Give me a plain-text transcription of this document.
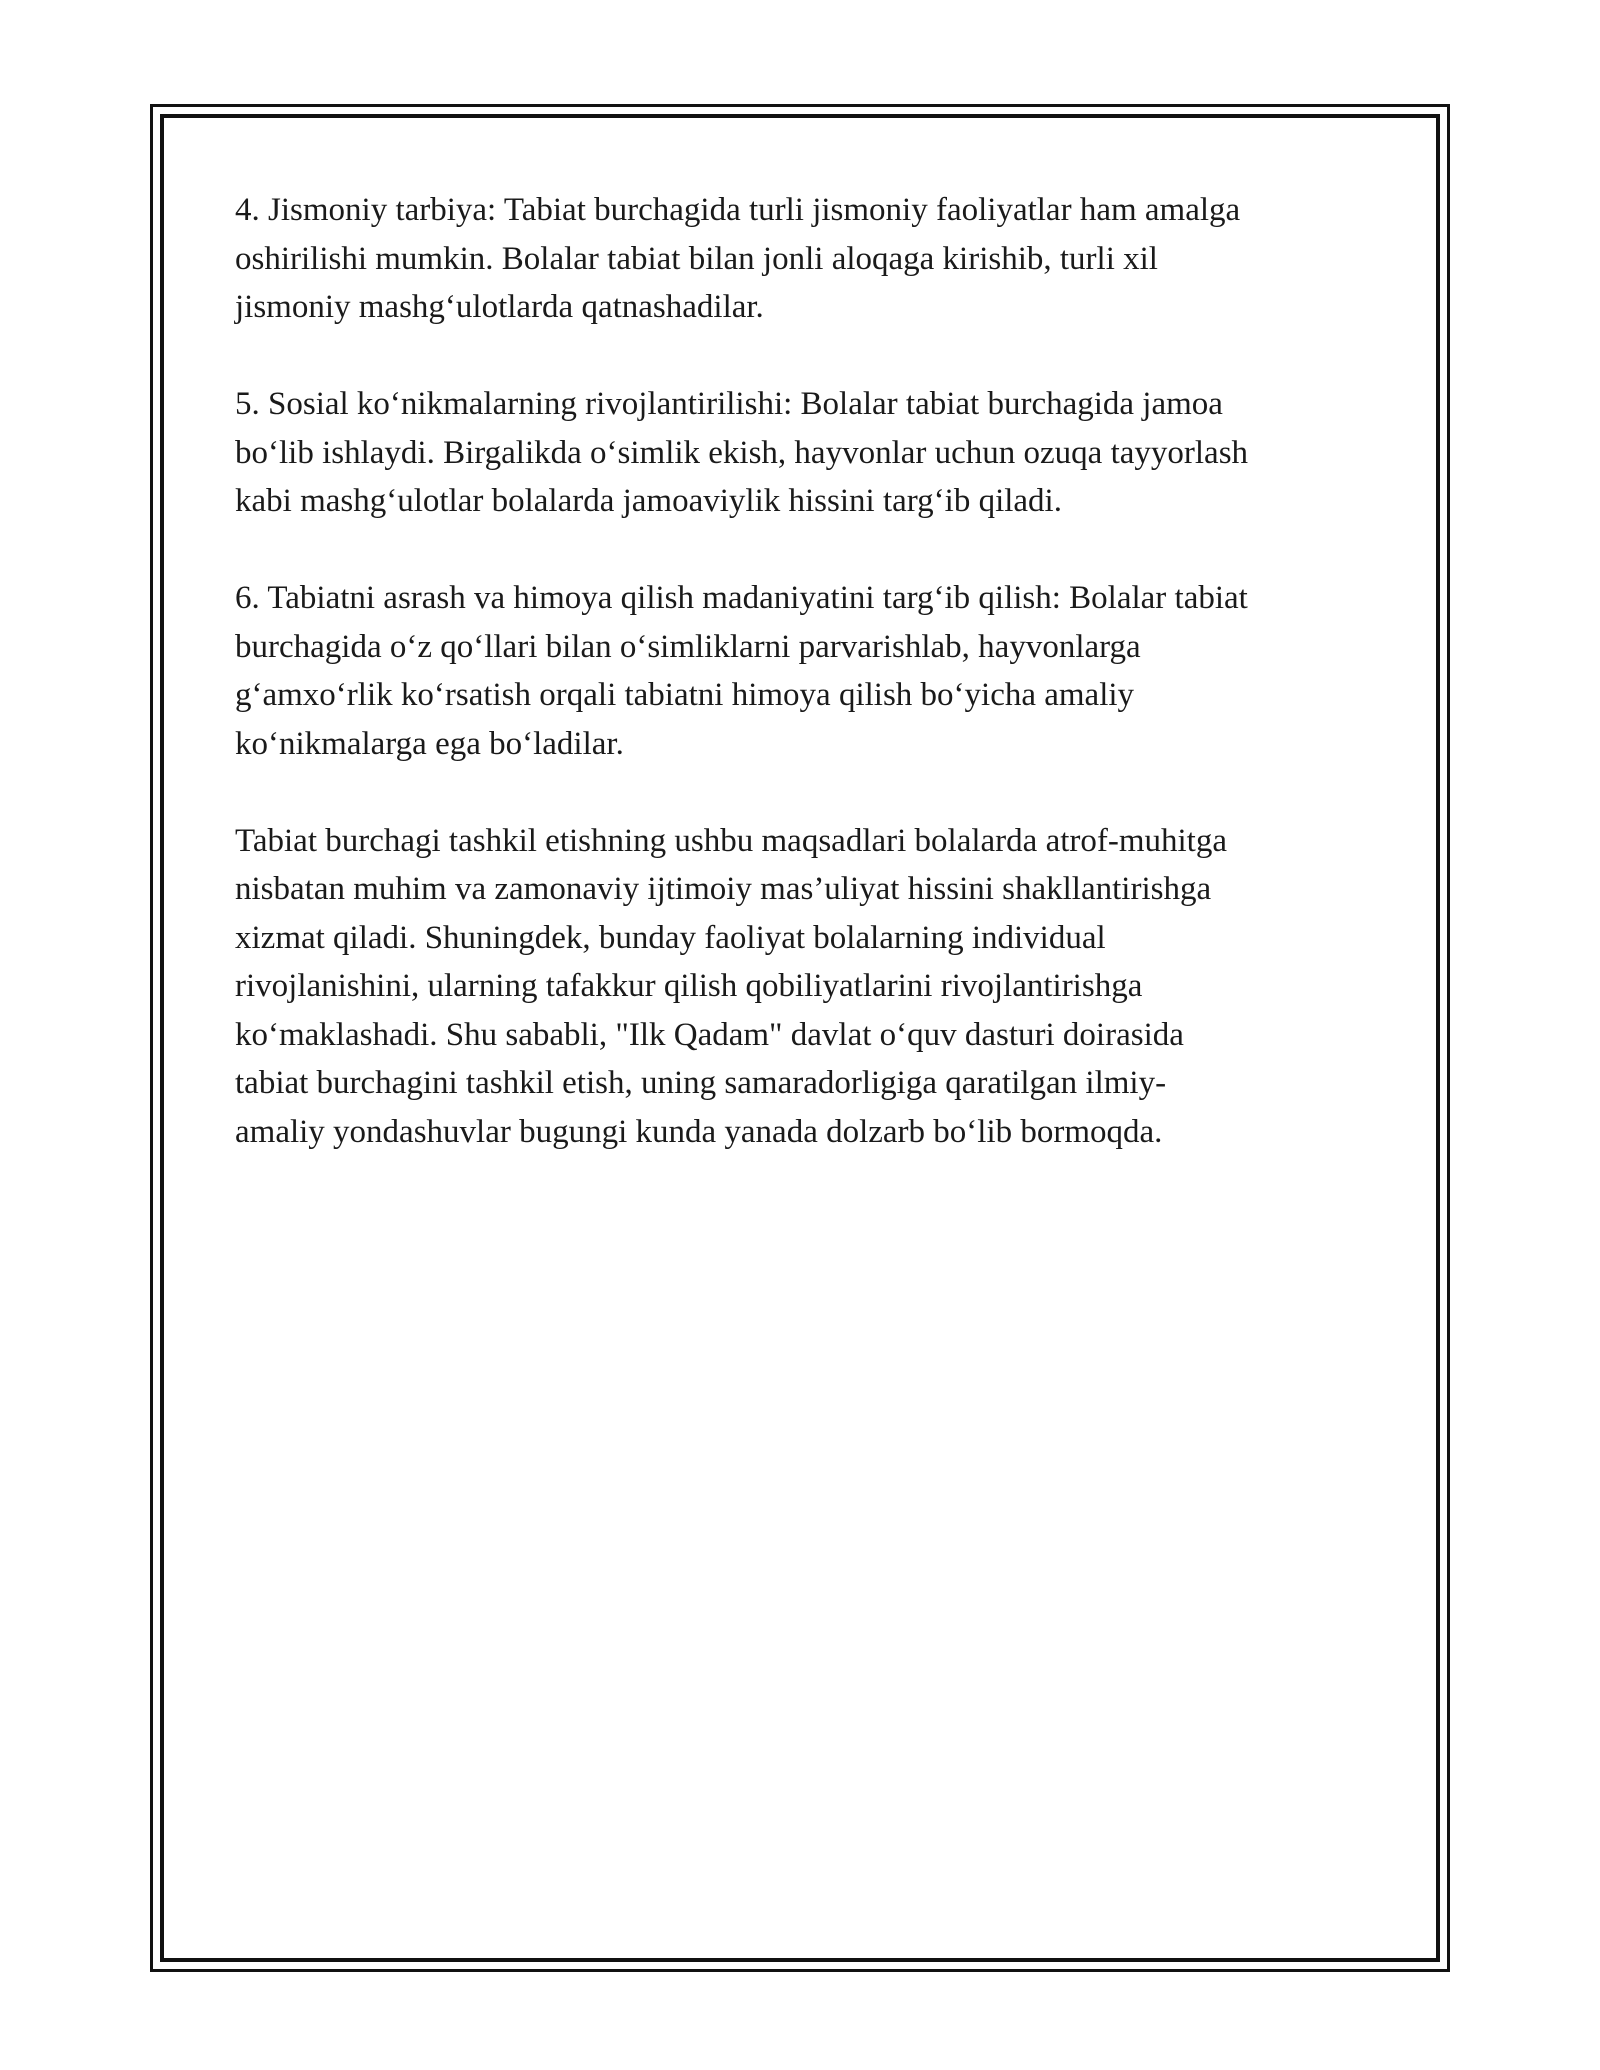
4. Jismoniy tarbiya: Tabiat burchagida turli jismoniy faoliyatlar ham amalga
oshirilishi mumkin. Bolalar tabiat bilan jonli aloqaga kirishib, turli xil
jismoniy mashg‘ulotlarda qatnashadilar.

5. Sosial ko‘nikmalarning rivojlantirilishi: Bolalar tabiat burchagida jamoa
bo‘lib ishlaydi. Birgalikda o‘simlik ekish, hayvonlar uchun ozuqa tayyorlash
kabi mashg‘ulotlar bolalarda jamoaviylik hissini targ‘ib qiladi.

6. Tabiatni asrash va himoya qilish madaniyatini targ‘ib qilish: Bolalar tabiat
burchagida o‘z qo‘llari bilan o‘simliklarni parvarishlab, hayvonlarga
g‘amxo‘rlik ko‘rsatish orqali tabiatni himoya qilish bo‘yicha amaliy
ko‘nikmalarga ega bo‘ladilar.

Tabiat burchagi tashkil etishning ushbu maqsadlari bolalarda atrof-muhitga
nisbatan muhim va zamonaviy ijtimoiy mas’uliyat hissini shakllantirishga
xizmat qiladi. Shuningdek, bunday faoliyat bolalarning individual
rivojlanishini, ularning tafakkur qilish qobiliyatlarini rivojlantirishga
ko‘maklashadi. Shu sababli, "Ilk Qadam" davlat o‘quv dasturi doirasida
tabiat burchagini tashkil etish, uning samaradorligiga qaratilgan ilmiy-
amaliy yondashuvlar bugungi kunda yanada dolzarb bo‘lib bormoqda.
